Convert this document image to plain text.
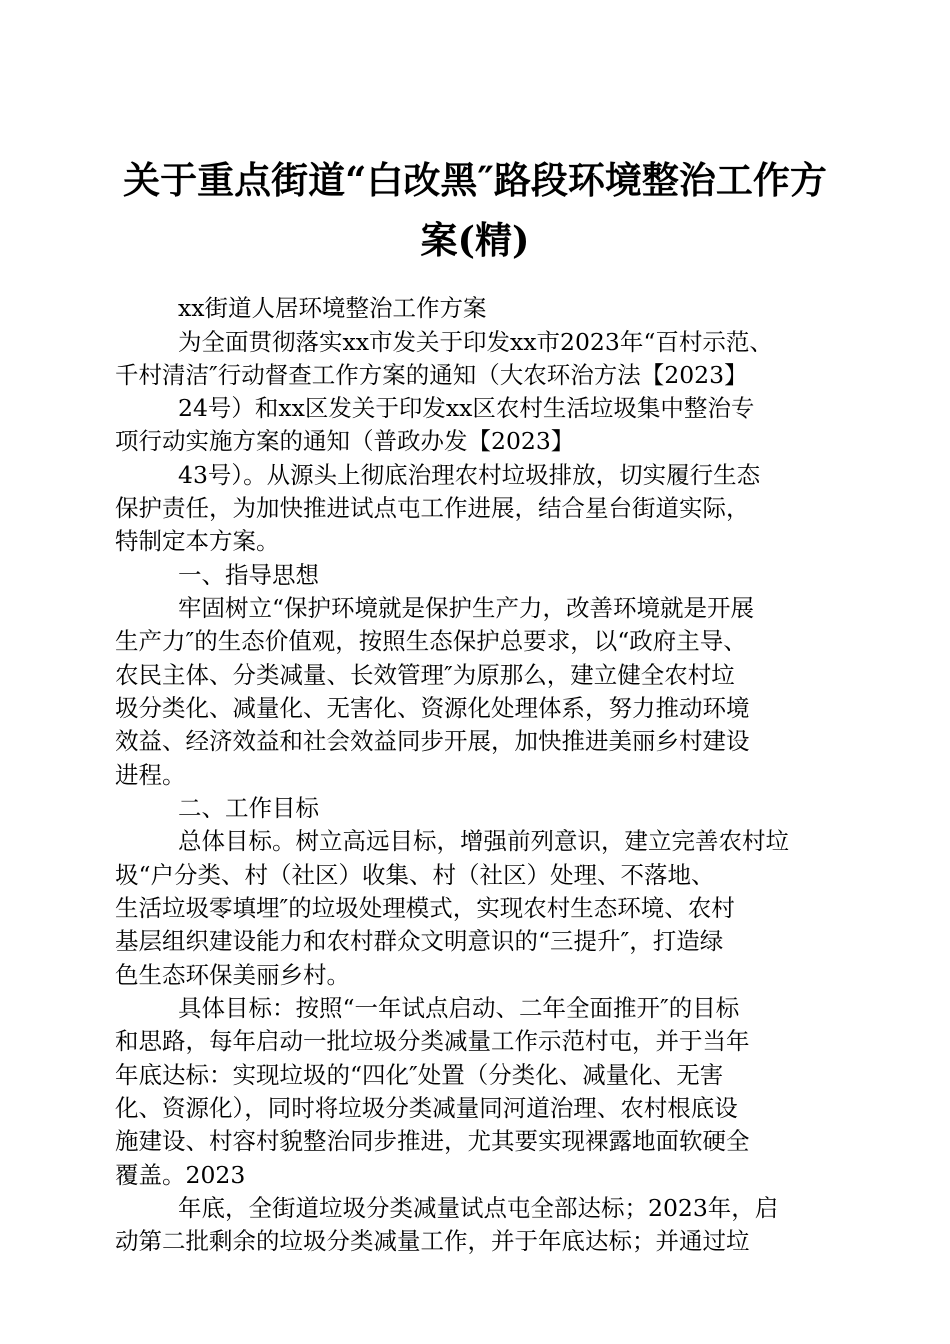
关于重点街道“白改黑″路段环境整治工作方
案(精)

xx街道人居环境整治工作方案

为全面贯彻落实xx市发关于印发xx市2023年“百村示范、

千村清洁″行动督查工作方案的通知（大农环治方法【2023】

24号）和xx区发关于印发xx区农村生活垃圾集中整治专

项行动实施方案的通知（普政办发【2023】

43号）。从源头上彻底治理农村垃圾排放，切实履行生态

保护责任，为加快推进试点屯工作进展，结合星台街道实际，

特制定本方案。

一、指导思想

牢固树立“保护环境就是保护生产力，改善环境就是开展

生产力″的生态价值观，按照生态保护总要求，以“政府主导、

农民主体、分类减量、长效管理″为原那么，建立健全农村垃

圾分类化、减量化、无害化、资源化处理体系，努力推动环境

效益、经济效益和社会效益同步开展，加快推进美丽乡村建设

进程。

二、工作目标

总体目标。树立高远目标，增强前列意识，建立完善农村垃

圾“户分类、村（社区）收集、村（社区）处理、不落地、

生活垃圾零填埋″的垃圾处理模式，实现农村生态环境、农村

基层组织建设能力和农村群众文明意识的“三提升″，打造绿

色生态环保美丽乡村。

具体目标：按照“一年试点启动、二年全面推开″的目标

和思路，每年启动一批垃圾分类减量工作示范村屯，并于当年

年底达标：实现垃圾的“四化″处置（分类化、减量化、无害

化、资源化），同时将垃圾分类减量同河道治理、农村根底设

施建设、村容村貌整治同步推进，尤其要实现裸露地面软硬全

覆盖。2023

年底，全街道垃圾分类减量试点屯全部达标；2023年，启

动第二批剩余的垃圾分类减量工作，并于年底达标；并通过垃
